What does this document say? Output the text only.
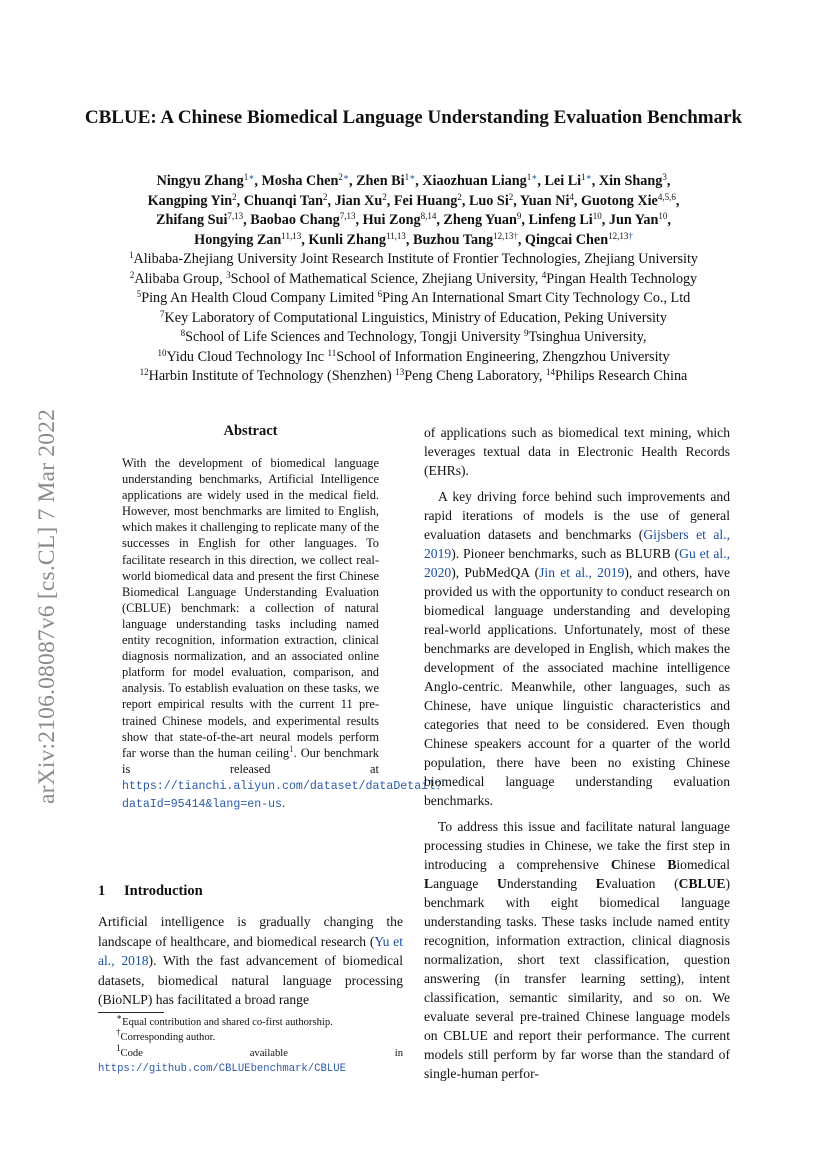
arXiv:2106.08087v6 [cs.CL] 7 Mar 2022
CBLUE: A Chinese Biomedical Language Understanding Evaluation Benchmark
Ningyu Zhang$^{1∗}$, Mosha Chen$^{2∗}$, Zhen $Bi^{1∗}$, Xiaozhuan Liang$^{1∗}$, Lei $Li^{1∗}$, Xin Shang$^3$,
Kangping Yin$^2$, Chuanqi Tan$^2$, Jian Xu$^2$, Fei Huang$^2$, Luo Si$^2$, Yuan Ni$^4$, Guotong Xie$^{4,5,6}$,
Zhifang Sui$^{7,13}$, Baobao Chang$^{7,13}$, Hui Zong$^{8,14}$, Zheng Yuan$^9$, Linfeng Li$^{10}$, Jun Yan$^{10}$,
Hongying Zan$^{11,13}$, Kunli Zhang$^{11,13}$, Buzhou Tang$^{12,13\dagger}$, Qingcai Chen$^{12,13\dagger}$
$^1$Alibaba-Zhejiang University Joint Research Institute of Frontier Technologies, Zhejiang University
$^2$Alibaba Group, $^3$School of Mathematical Science, Zhejiang University, $^4$Pingan Health Technology
$^5$Ping An Health Cloud Company Limited $^6$Ping An International Smart City Technology Co., Ltd
$^7$Key Laboratory of Computational Linguistics, Ministry of Education, Peking University
$^8$School of Life Sciences and Technology, Tongji University $^9$Tsinghua University,
$^{10}$Yidu Cloud Technology Inc $^{11}$School of Information Engineering, Zhengzhou University
$^{12}$Harbin Institute of Technology (Shenzhen) $^{13}$Peng Cheng Laboratory, $^{14}$Philips Research China
Abstract
With the development of biomedical language understanding benchmarks, Artificial Intelligence applications are widely used in the medical field. However, most benchmarks are limited to English, which makes it challenging to replicate many of the successes in English for other languages. To facilitate research in this direction, we collect real-world biomedical data and present the first Chinese Biomedical Language Understanding Evaluation (CBLUE) benchmark: a collection of natural language understanding tasks including named entity recognition, information extraction, clinical diagnosis normalization, and an associated online platform for model evaluation, comparison, and analysis. To establish evaluation on these tasks, we report empirical results with the current 11 pre-trained Chinese models, and experimental results show that state-of-the-art neural models perform far worse than the human ceiling$^1$. Our benchmark is released at https://tianchi.aliyun.com/dataset/dataDetail?dataId=95414&lang=en-us.
1 Introduction
Artificial intelligence is gradually changing the landscape of healthcare, and biomedical research (Yu et al., 2018). With the fast advancement of biomedical datasets, biomedical natural language processing (BioNLP) has facilitated a broad range
∗Equal contribution and shared co-first authorship.
†Corresponding author.
$^1$Code available in https://github.com/CBLUEbenchmark/CBLUE

of applications such as biomedical text mining, which leverages textual data in Electronic Health Records (EHRs).

A key driving force behind such improvements and rapid iterations of models is the use of general evaluation datasets and benchmarks (Gijsbers et al., 2019). Pioneer benchmarks, such as BLURB (Gu et al., 2020), PubMedQA (Jin et al., 2019), and others, have provided us with the opportunity to conduct research on biomedical language understanding and developing real-world applications. Unfortunately, most of these benchmarks are developed in English, which makes the development of the associated machine intelligence Anglo-centric. Meanwhile, other languages, such as Chinese, have unique linguistic characteristics and categories that need to be considered. Even though Chinese speakers account for a quarter of the world population, there have been no existing Chinese biomedical language understanding evaluation benchmarks.

To address this issue and facilitate natural language processing studies in Chinese, we take the first step in introducing a comprehensive Chinese Biomedical Language Understanding Evaluation (CBLUE) benchmark with eight biomedical language understanding tasks. These tasks include named entity recognition, information extraction, clinical diagnosis normalization, short text classification, question answering (in transfer learning setting), intent classification, semantic similarity, and so on. We evaluate several pre-trained Chinese language models on CBLUE and report their performance. The current models still perform by far worse than the standard of single-human perfor-
